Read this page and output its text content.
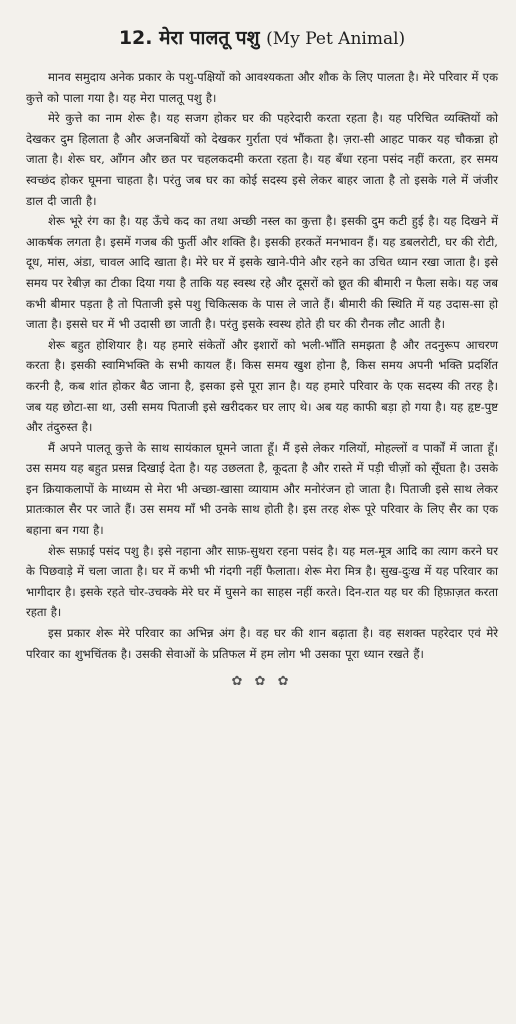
12. मेरा पालतू पशु (My Pet Animal)

मानव समुदाय अनेक प्रकार के पशु-पक्षियों को आवश्यकता और शौक के लिए पालता है। मेरे परिवार में एक कुत्ते को पाला गया है। यह मेरा पालतू पशु है।

मेरे कुत्ते का नाम शेरू है। यह सजग होकर घर की पहरेदारी करता रहता है। यह परिचित व्यक्तियों को देखकर दुम हिलाता है और अजनबियों को देखकर गुर्राता एवं भौंकता है। ज़रा-सी आहट पाकर यह चौकन्ना हो जाता है। शेरू घर, आँगन और छत पर चहलकदमी करता रहता है। यह बँधा रहना पसंद नहीं करता, हर समय स्वच्छंद होकर घूमना चाहता है। परंतु जब घर का कोई सदस्य इसे लेकर बाहर जाता है तो इसके गले में जंजीर डाल दी जाती है।

शेरू भूरे रंग का है। यह ऊँचे कद का तथा अच्छी नस्ल का कुत्ता है। इसकी दुम कटी हुई है। यह दिखने में आकर्षक लगता है। इसमें गजब की फुर्ती और शक्ति है। इसकी हरकतें मनभावन हैं। यह डबलरोटी, घर की रोटी, दूध, मांस, अंडा, चावल आदि खाता है। मेरे घर में इसके खाने-पीने और रहने का उचित ध्यान रखा जाता है। इसे समय पर रेबीज़ का टीका दिया गया है ताकि यह स्वस्थ रहे और दूसरों को छूत की बीमारी न फैला सके। यह जब कभी बीमार पड़ता है तो पिताजी इसे पशु चिकित्सक के पास ले जाते हैं। बीमारी की स्थिति में यह उदास-सा हो जाता है। इससे घर में भी उदासी छा जाती है। परंतु इसके स्वस्थ होते ही घर की रौनक लौट आती है।

शेरू बहुत होशियार है। यह हमारे संकेतों और इशारों को भली-भाँति समझता है और तदनुरूप आचरण करता है। इसकी स्वामिभक्ति के सभी कायल हैं। किस समय खुश होना है, किस समय अपनी भक्ति प्रदर्शित करनी है, कब शांत होकर बैठ जाना है, इसका इसे पूरा ज्ञान है। यह हमारे परिवार के एक सदस्य की तरह है। जब यह छोटा-सा था, उसी समय पिताजी इसे खरीदकर घर लाए थे। अब यह काफी बड़ा हो गया है। यह हृष्ट-पुष्ट और तंदुरुस्त है।

मैं अपने पालतू कुत्ते के साथ सायंकाल घूमने जाता हूँ। मैं इसे लेकर गलियों, मोहल्लों व पार्कों में जाता हूँ। उस समय यह बहुत प्रसन्न दिखाई देता है। यह उछलता है, कूदता है और रास्ते में पड़ी चीज़ों को सूँघता है। उसके इन क्रियाकलापों के माध्यम से मेरा भी अच्छा-खासा व्यायाम और मनोरंजन हो जाता है। पिताजी इसे साथ लेकर प्रातःकाल सैर पर जाते हैं। उस समय माँ भी उनके साथ होती है। इस तरह शेरू पूरे परिवार के लिए सैर का एक बहाना बन गया है।

शेरू सफ़ाई पसंद पशु है। इसे नहाना और साफ़-सुथरा रहना पसंद है। यह मल-मूत्र आदि का त्याग करने घर के पिछवाड़े में चला जाता है। घर में कभी भी गंदगी नहीं फैलाता। शेरू मेरा मित्र है। सुख-दुःख में यह परिवार का भागीदार है। इसके रहते चोर-उचक्के मेरे घर में घुसने का साहस नहीं करते। दिन-रात यह घर की हिफ़ाज़त करता रहता है।

इस प्रकार शेरू मेरे परिवार का अभिन्न अंग है। वह घर की शान बढ़ाता है। वह सशक्त पहरेदार एवं मेरे परिवार का शुभचिंतक है। उसकी सेवाओं के प्रतिफल में हम लोग भी उसका पूरा ध्यान रखते हैं।

✿ ✿ ✿
